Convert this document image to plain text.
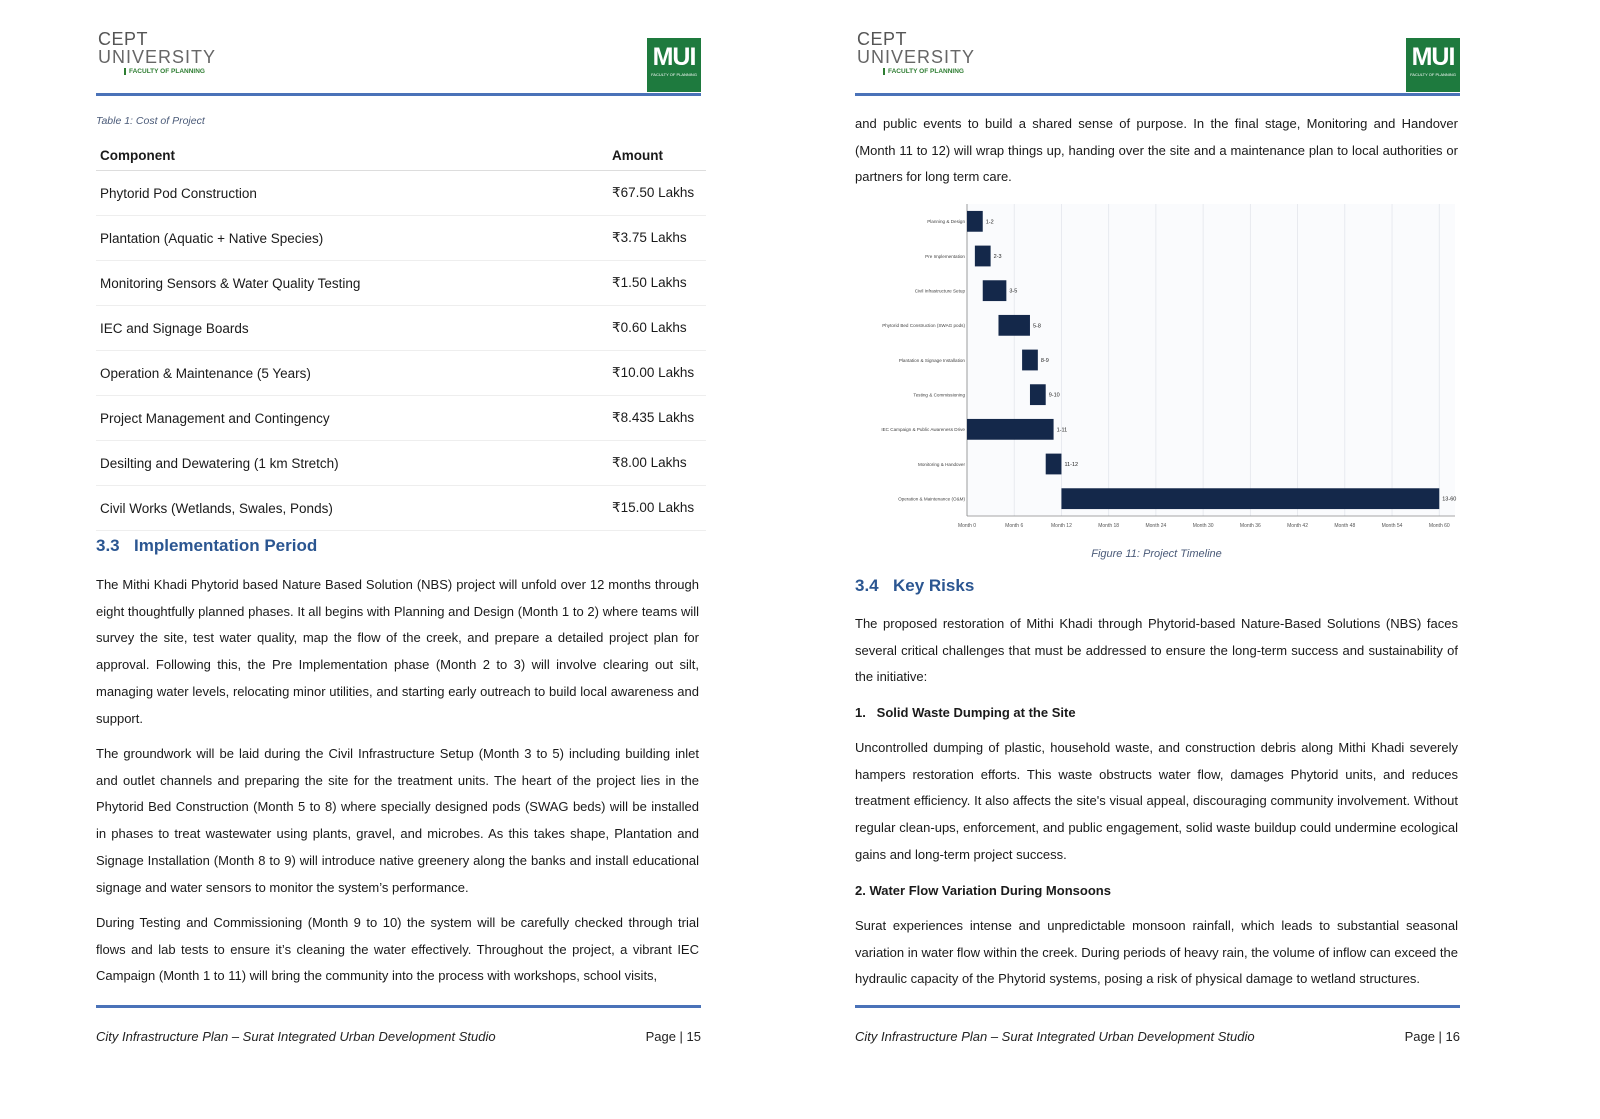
CEPT
UNIVERSITY
FACULTY OF PLANNING
MUI
FACULTY OF PLANNING
Table 1: Cost of Project
Component	Amount
Phytorid Pod Construction	₹67.50 Lakhs
Plantation (Aquatic + Native Species)	₹3.75 Lakhs
Monitoring Sensors & Water Quality Testing	₹1.50 Lakhs
IEC and Signage Boards	₹0.60 Lakhs
Operation & Maintenance (5 Years)	₹10.00 Lakhs
Project Management and Contingency	₹8.435 Lakhs
Desilting and Dewatering (1 km Stretch)	₹8.00 Lakhs
Civil Works (Wetlands, Swales, Ponds)	₹15.00 Lakhs
3.3 Implementation Period
The Mithi Khadi Phytorid based Nature Based Solution (NBS) project will unfold over 12 months through eight thoughtfully planned phases. It all begins with Planning and Design (Month 1 to 2) where teams will survey the site, test water quality, map the flow of the creek, and prepare a detailed project plan for approval. Following this, the Pre Implementation phase (Month 2 to 3) will involve clearing out silt, managing water levels, relocating minor utilities, and starting early outreach to build local awareness and support.
The groundwork will be laid during the Civil Infrastructure Setup (Month 3 to 5) including building inlet and outlet channels and preparing the site for the treatment units. The heart of the project lies in the Phytorid Bed Construction (Month 5 to 8) where specially designed pods (SWAG beds) will be installed in phases to treat wastewater using plants, gravel, and microbes. As this takes shape, Plantation and Signage Installation (Month 8 to 9) will introduce native greenery along the banks and install educational signage and water sensors to monitor the system’s performance.
During Testing and Commissioning (Month 9 to 10) the system will be carefully checked through trial flows and lab tests to ensure it’s cleaning the water effectively. Throughout the project, a vibrant IEC Campaign (Month 1 to 11) will bring the community into the process with workshops, school visits,
City Infrastructure Plan – Surat Integrated Urban Development Studio	Page | 15
CEPT
UNIVERSITY
FACULTY OF PLANNING
MUI
FACULTY OF PLANNING
and public events to build a shared sense of purpose. In the final stage, Monitoring and Handover (Month 11 to 12) will wrap things up, handing over the site and a maintenance plan to local authorities or partners for long term care.
Month 0	Month 6	Month 12	Month 18	Month 24	Month 30	Month 36	Month 42	Month 48	Month 54	Month 60
1-2
Planning & Design
2-3
Pre Implementation
3-5
Civil Infrastructure Setup
5-8
Phytorid Bed Construction (SWAG pods)
8-9
Plantation & Signage Installation
9-10
Testing & Commissioning
1-11
IEC Campaign & Public Awareness Drive
11-12
Monitoring & Handover
13-60
Operation & Maintenance (O&M)
Figure 11: Project Timeline
3.4 Key Risks
The proposed restoration of Mithi Khadi through Phytorid-based Nature-Based Solutions (NBS) faces several critical challenges that must be addressed to ensure the long-term success and sustainability of the initiative:
1.   Solid Waste Dumping at the Site
Uncontrolled dumping of plastic, household waste, and construction debris along Mithi Khadi severely hampers restoration efforts. This waste obstructs water flow, damages Phytorid units, and reduces treatment efficiency. It also affects the site's visual appeal, discouraging community involvement. Without regular clean-ups, enforcement, and public engagement, solid waste buildup could undermine ecological gains and long-term project success.
2. Water Flow Variation During Monsoons
Surat experiences intense and unpredictable monsoon rainfall, which leads to substantial seasonal variation in water flow within the creek. During periods of heavy rain, the volume of inflow can exceed the hydraulic capacity of the Phytorid systems, posing a risk of physical damage to wetland structures.
City Infrastructure Plan – Surat Integrated Urban Development Studio	Page | 16
